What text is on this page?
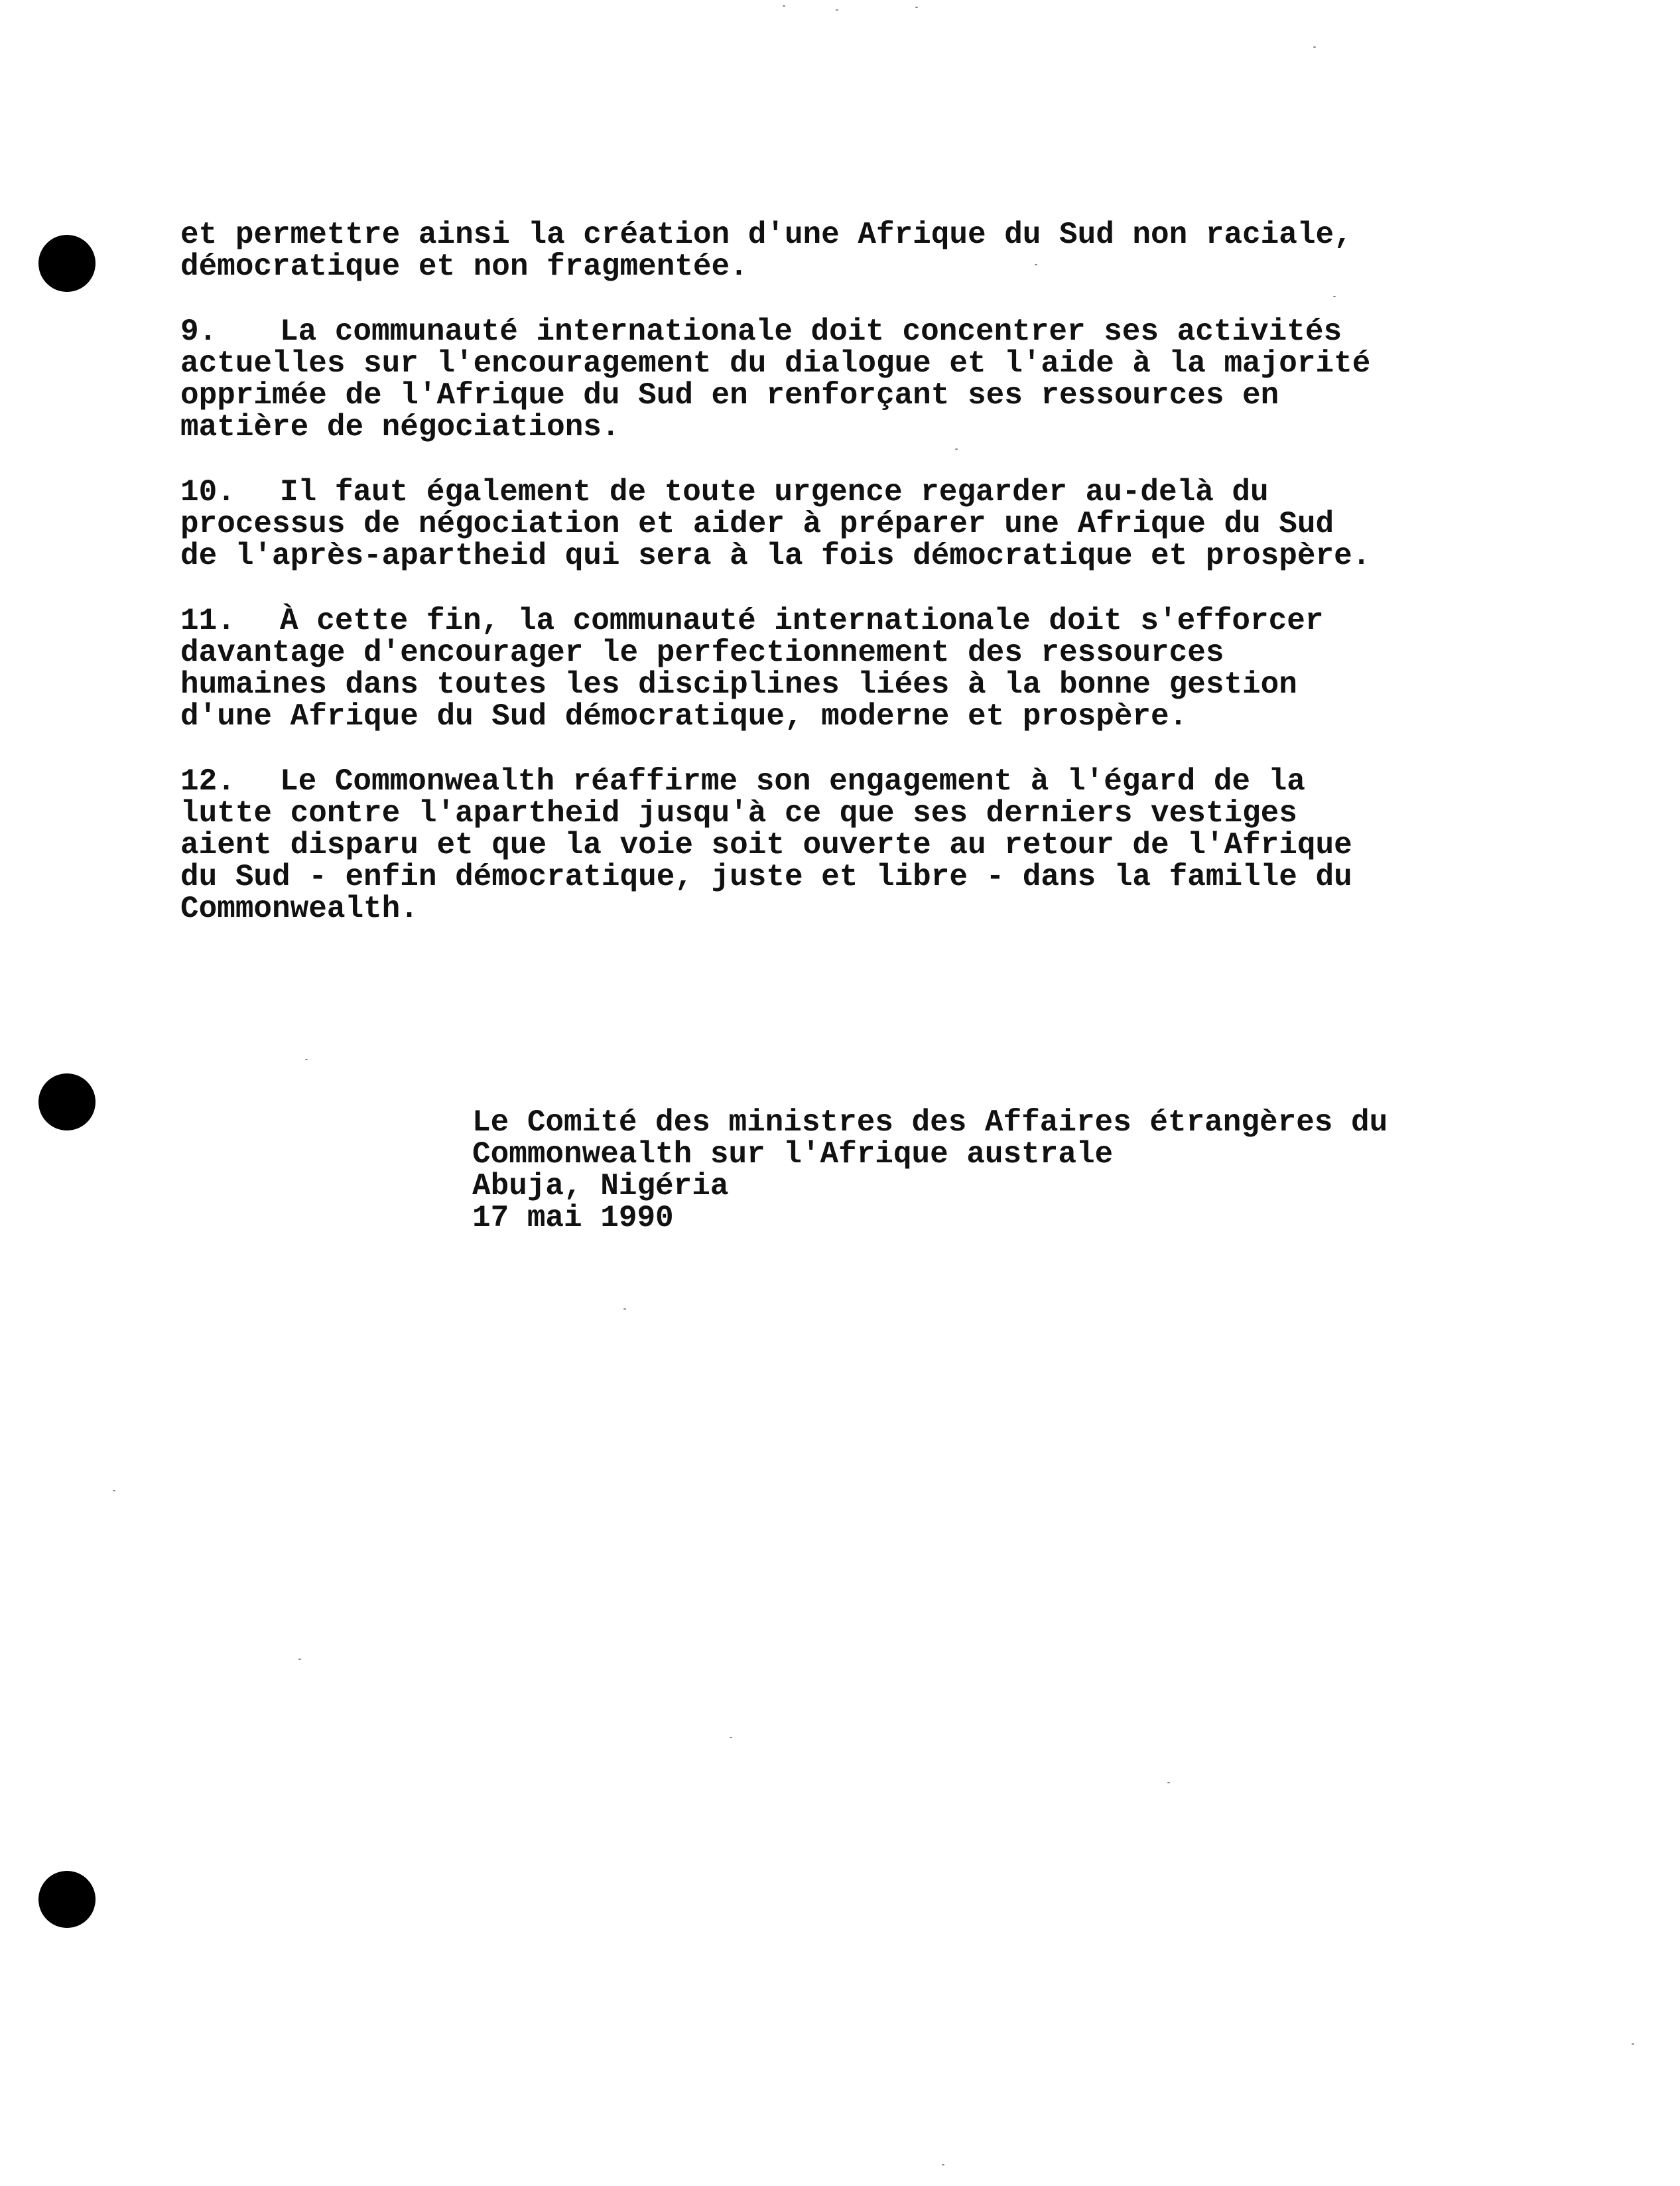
et permettre ainsi la création d'une Afrique du Sud non raciale,
démocratique et non fragmentée.
9. La communauté internationale doit concentrer ses activités
actuelles sur l'encouragement du dialogue et l'aide à la majorité
opprimée de l'Afrique du Sud en renforçant ses ressources en
matière de négociations.
10. Il faut également de toute urgence regarder au-delà du
processus de négociation et aider à préparer une Afrique du Sud
de l'après-apartheid qui sera à la fois démocratique et prospère.
11. À cette fin, la communauté internationale doit s'efforcer
davantage d'encourager le perfectionnement des ressources
humaines dans toutes les disciplines liées à la bonne gestion
d'une Afrique du Sud démocratique, moderne et prospère.
12. Le Commonwealth réaffirme son engagement à l'égard de la
lutte contre l'apartheid jusqu'à ce que ses derniers vestiges
aient disparu et que la voie soit ouverte au retour de l'Afrique
du Sud - enfin démocratique, juste et libre - dans la famille du
Commonwealth.
Le Comité des ministres des Affaires étrangères du
Commonwealth sur l'Afrique australe
Abuja, Nigéria
17 mai 1990
